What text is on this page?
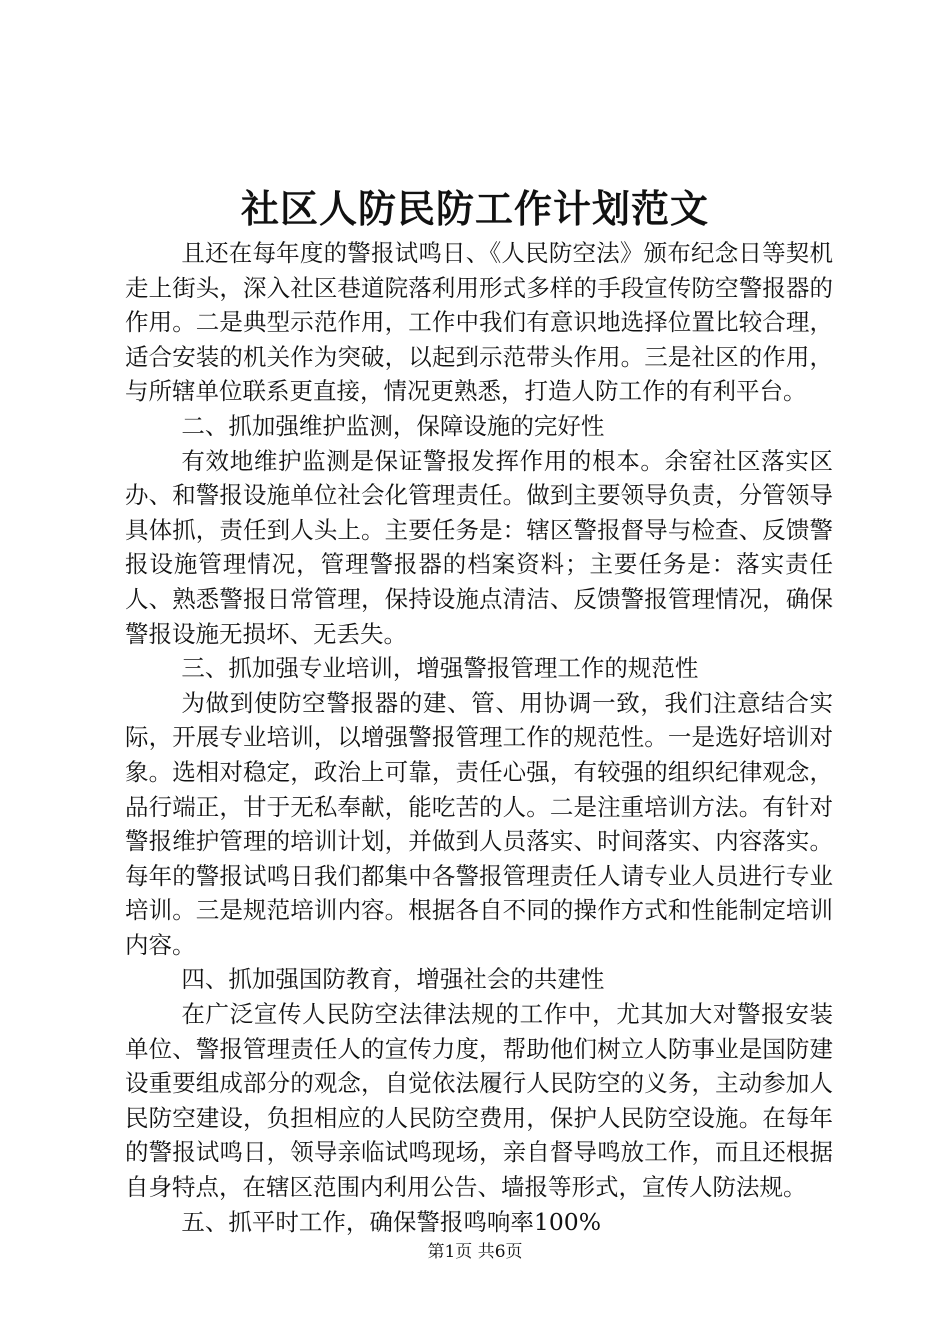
社区人防民防工作计划范文

且还在每年度的警报试鸣日、《人民防空法》颁布纪念日等契机走上街头，深入社区巷道院落利用形式多样的手段宣传防空警报器的作用。二是典型示范作用，工作中我们有意识地选择位置比较合理，适合安装的机关作为突破，以起到示范带头作用。三是社区的作用，与所辖单位联系更直接，情况更熟悉，打造人防工作的有利平台。

二、抓加强维护监测，保障设施的完好性

有效地维护监测是保证警报发挥作用的根本。余窑社区落实区办、和警报设施单位社会化管理责任。做到主要领导负责，分管领导具体抓，责任到人头上。主要任务是：辖区警报督导与检查、反馈警报设施管理情况，管理警报器的档案资料；主要任务是：落实责任人、熟悉警报日常管理，保持设施点清洁、反馈警报管理情况，确保警报设施无损坏、无丢失。

三、抓加强专业培训，增强警报管理工作的规范性

为做到使防空警报器的建、管、用协调一致，我们注意结合实际，开展专业培训，以增强警报管理工作的规范性。一是选好培训对象。选相对稳定，政治上可靠，责任心强，有较强的组织纪律观念，品行端正，甘于无私奉献，能吃苦的人。二是注重培训方法。有针对警报维护管理的培训计划，并做到人员落实、时间落实、内容落实。每年的警报试鸣日我们都集中各警报管理责任人请专业人员进行专业培训。三是规范培训内容。根据各自不同的操作方式和性能制定培训内容。

四、抓加强国防教育，增强社会的共建性

在广泛宣传人民防空法律法规的工作中，尤其加大对警报安装单位、警报管理责任人的宣传力度，帮助他们树立人防事业是国防建设重要组成部分的观念，自觉依法履行人民防空的义务，主动参加人民防空建设，负担相应的人民防空费用，保护人民防空设施。在每年的警报试鸣日，领导亲临试鸣现场，亲自督导鸣放工作，而且还根据自身特点，在辖区范围内利用公告、墙报等形式，宣传人防法规。

五、抓平时工作，确保警报鸣响率100%

第1页 共6页
